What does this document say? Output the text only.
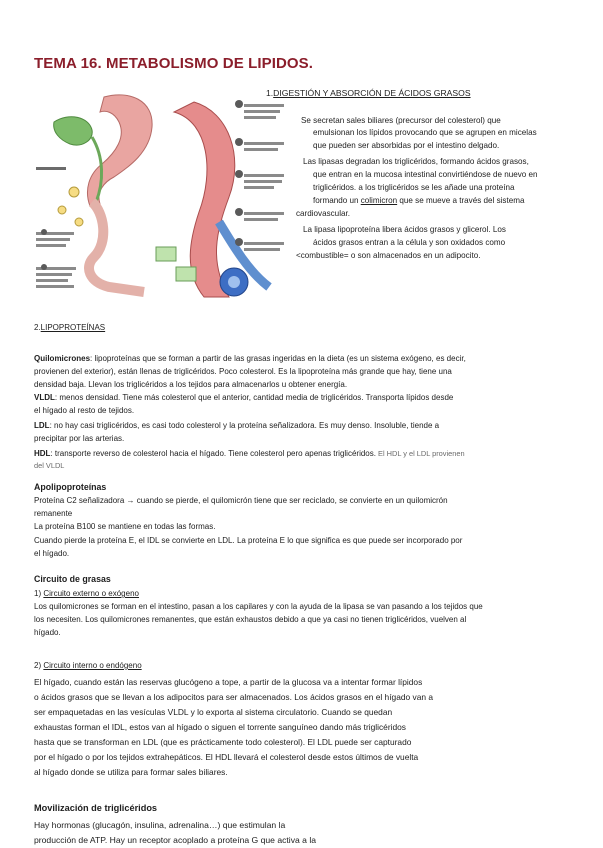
TEMA 16. METABOLISMO DE LIPIDOS.
1.DIGESTIÓN Y ABSORCIÓN DE ÁCIDOS GRASOS
Se secretan sales biliares (precursor del colesterol) que
emulsionan los lípidos provocando que se agrupen en micelas
que pueden ser absorbidas por el intestino delgado.
Las lipasas degradan los triglicéridos, formando ácidos grasos,
que entran en la mucosa intestinal convirtiéndose de nuevo en
triglicéridos. a los triglicéridos se les añade una proteína
formando un colimicron que se mueve a través del sistema
cardiovascular.
La lipasa lipoproteína libera ácidos grasos y glicerol. Los
ácidos grasos entran a la célula y son oxidados como
<combustible= o son almacenados en un adipocito.
2.LIPOPROTEÍNAS
Quilomicrones: lipoproteínas que se forman a partir de las grasas ingeridas en la dieta (es un sistema exógeno, es decir,
provienen del exterior), están llenas de triglicéridos. Poco colesterol. Es la lipoproteína más grande que hay, tiene una
densidad baja. Llevan los triglicéridos a los tejidos para almacenarlos u obtener energía.
VLDL: menos densidad. Tiene más colesterol que el anterior, cantidad media de triglicéridos. Transporta lípidos desde
el hígado al resto de tejidos.
LDL: no hay casi triglicéridos, es casi todo colesterol y la proteína señalizadora. Es muy denso. Insoluble, tiende a
precipitar por las arterias.
HDL: transporte reverso de colesterol hacia el hígado. Tiene colesterol pero apenas triglicéridos. El HDL y el LDL provienen
del VLDL
Apolipoproteínas
Proteína C2 señalizadora → cuando se pierde, el quilomicrón tiene que ser reciclado, se convierte en un quilomicrón
remanente
La proteína B100 se mantiene en todas las formas.
Cuando pierde la proteína E, el IDL se convierte en LDL. La proteína E lo que significa es que puede ser incorporado por
el hígado.
Circuito de grasas
1) Circuito externo o exógeno
Los quilomicrones se forman en el intestino, pasan a los capilares y con la ayuda de la lipasa se van pasando a los tejidos que
los necesiten. Los quilomicrones remanentes, que están exhaustos debido a que ya casi no tienen triglicéridos, vuelven al
hígado.
2) Circuito interno o endógeno
El hígado, cuando están las reservas glucógeno a tope, a partir de la glucosa va a intentar formar lípidos
o ácidos grasos que se llevan a los adipocitos para ser almacenados. Los ácidos grasos en el hígado van a
ser empaquetadas en las vesículas VLDL y lo exporta al sistema circulatorio. Cuando se quedan
exhaustas forman el IDL, estos van al hígado o siguen el torrente sanguíneo dando más triglicéridos
hasta que se transforman en LDL (que es prácticamente todo colesterol). El LDL puede ser capturado
por el hígado o por los tejidos extrahepáticos. El HDL llevará el colesterol desde estos últimos de vuelta
al hígado donde se utiliza para formar sales biliares.
Movilización de triglicéridos
Hay hormonas (glucagón, insulina, adrenalina…) que estimulan la
producción de ATP. Hay un receptor acoplado a proteína G que activa a la
